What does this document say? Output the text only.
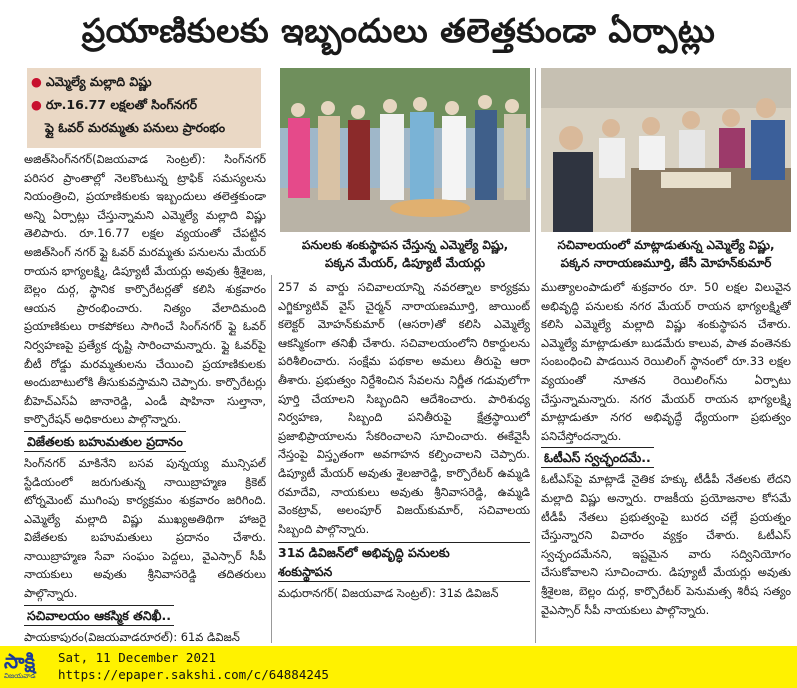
ప్రయాణికులకు ఇబ్బందులు తలెత్తకుండా ఏర్పాట్లు
● ఎమ్మెల్యే మల్లాది విష్ణు
● రూ.16.77 లక్షలతో సింగ్‌నగర్
ఫ్లై ఓవర్ మరమ్మతు పనులు ప్రారంభం
పనులకు శంకుస్థాపన చేస్తున్న ఎమ్మెల్యే విష్ణు,
పక్కన మేయర్, డిప్యూటీ మేయర్లు
సచివాలయంలో మాట్లాడుతున్న ఎమ్మెల్యే విష్ణు,
పక్కన నారాయణమూర్తి, జేసీ మోహన్‌కుమార్

అజిత్‌సింగ్‌నగర్(విజయవాడ సెంట్రల్): సింగ్‌నగర్ పరిసర ప్రాంతాల్లో నెలకొంటున్న ట్రాఫిక్ సమస్యలను నియంత్రించి, ప్రయాణికులకు ఇబ్బందులు తలెత్తకుండా అన్ని ఏర్పాట్లు చేస్తున్నామని ఎమ్మెల్యే మల్లాది విష్ణు తెలిపారు. రూ.16.77 లక్షల వ్యయంతో చేపట్టిన అజిత్‌సింగ్ నగర్ ఫ్లై ఓవర్ మరమ్మతు పనులను మేయర్ రాయన భాగ్యలక్ష్మి, డిప్యూటీ మేయర్లు అవుతు శ్రీశైలజ, బెల్లం దుర్గ, స్థానిక కార్పొరేటర్లతో కలిసి శుక్రవారం ఆయన ప్రారంభించారు. నిత్యం వేలాదిమంది ప్రయాణికులు రాకపోకలు సాగించే సింగ్‌నగర్ ఫ్లై ఓవర్ నిర్వహణపై ప్రత్యేక దృష్టి సారించామన్నారు. ఫ్లై ఓవర్‌పై బీటీ రోడ్డు మరమ్మతులను చేయించి ప్రయాణికులకు అందుబాటులోకి తీసుకువస్తామని చెప్పారు. కార్పొరేటర్లు బీహెచ్ఎస్‌ఏ జానారెడ్డి, ఎండీ షాహినా సుల్తానా, కార్పొరేషన్ అధికారులు పాల్గొన్నారు.

విజేతలకు బహుమతుల ప్రదానం

సింగ్‌నగర్ మాకినేని బసవ పున్నయ్య మున్సిపల్ స్టేడియంలో జరుగుతున్న నాయిబ్రాహ్మణ క్రికెట్ టోర్నమెంట్ ముగింపు కార్యక్రమం శుక్రవారం జరిగింది. ఎమ్మెల్యే మల్లాది విష్ణు ముఖ్యఅతిథిగా హాజరై విజేతలకు బహుమతులు ప్రదానం చేశారు. నాయిబ్రాహ్మణ సేవా సంఘం పెద్దలు, వైఎస్సార్ సీపీ నాయకులు అవుతు శ్రీనివాసరెడ్డి తదితరులు పాల్గొన్నారు.

సచివాలయం ఆకస్మిక తనిఖీ..

పాయకాపురం(విజయవాడరూరల్): 61వ డివిజన్

257 వ వార్డు సచివాలయాన్ని నవరత్నాల కార్యక్రమ ఎగ్జిక్యూటివ్ వైస్ చైర్మన్ నారాయణమూర్తి, జాయింట్ కలెక్టర్ మోహన్‌కుమార్ (ఆసరా)తో కలిసి ఎమ్మెల్యే ఆకస్మికంగా తనిఖీ చేశారు. సచివాలయంలోని రికార్డులను పరిశీలించారు. సంక్షేమ పథకాల అమలు తీరుపై ఆరా తీశారు. ప్రభుత్వం నిర్దేశించిన సేవలను నిర్ణీత గడువులోగా పూర్తి చేయాలని సిబ్బందిని ఆదేశించారు. పారిశుధ్య నిర్వహణ, సిబ్బంది పనితీరుపై క్షేత్రస్థాయిలో ప్రజాభిప్రాయాలను సేకరించాలని సూచించారు. ఈకేవైసీ నేస్తంపై విస్తృతంగా అవగాహన కల్పించాలని చెప్పారు. డిప్యూటీ మేయర్ అవుతు శైలజారెడ్డి, కార్పొరేటర్ ఉమ్మడి రమాదేవి, నాయకులు అవుతు శ్రీనివాసరెడ్డి, ఉమ్మడి వెంకట్రావ్, అలంపూర్ విజయ్‌కుమార్, సచివాలయ సిబ్బంది పాల్గొన్నారు.

31వ డివిజన్‌లో అభివృద్ధి పనులకు
శంకుస్థాపన

మధురానగర్( విజయవాడ సెంట్రల్): 31వ డివిజన్

ముత్యాలంపాడులో శుక్రవారం రూ. 50 లక్షల విలువైన అభివృద్ధి పనులకు నగర మేయర్ రాయన భాగ్యలక్ష్మితో కలిసి ఎమ్మెల్యే మల్లాది విష్ణు శంకుస్థాపన చేశారు. ఎమ్మెల్యే మాట్లాడుతూ బుడమేరు కాలువ, పాత వంతెనకు సంబంధించి పాడయిన రెయిలింగ్ స్థానంలో రూ.33 లక్షల వ్యయంతో నూతన రెయిలింగ్‌ను ఏర్పాటు చేస్తున్నామన్నారు. నగర మేయర్ రాయన భాగ్యలక్ష్మి మాట్లాడుతూ నగర అభివృద్ధే ధ్యేయంగా ప్రభుత్వం పనిచేస్తోందన్నారు.

ఓటీఎస్ స్వచ్ఛందమే..

ఓటీఎస్‌పై మాట్లాడే నైతిక హక్కు టీడీపీ నేతలకు లేదని మల్లాది విష్ణు అన్నారు. రాజకీయ ప్రయోజనాల కోసమే టీడీపీ నేతలు ప్రభుత్వంపై బురద చల్లే ప్రయత్నం చేస్తున్నారని విచారం వ్యక్తం చేశారు. ఓటీఎస్ స్వచ్ఛందమేనని, ఇష్టమైన వారు సద్వినియోగం చేసుకోవాలని సూచించారు. డిప్యూటీ మేయర్లు అవుతు శ్రీశైలజ, బెల్లం దుర్గ, కార్పొరేటర్ పెనుమత్స శిరీష సత్యం వైఎస్సార్ సీపీ నాయకులు పాల్గొన్నారు.

సాక్షి
విజయవాడ
Sat, 11 December 2021
https://epaper.sakshi.com/c/64884245
